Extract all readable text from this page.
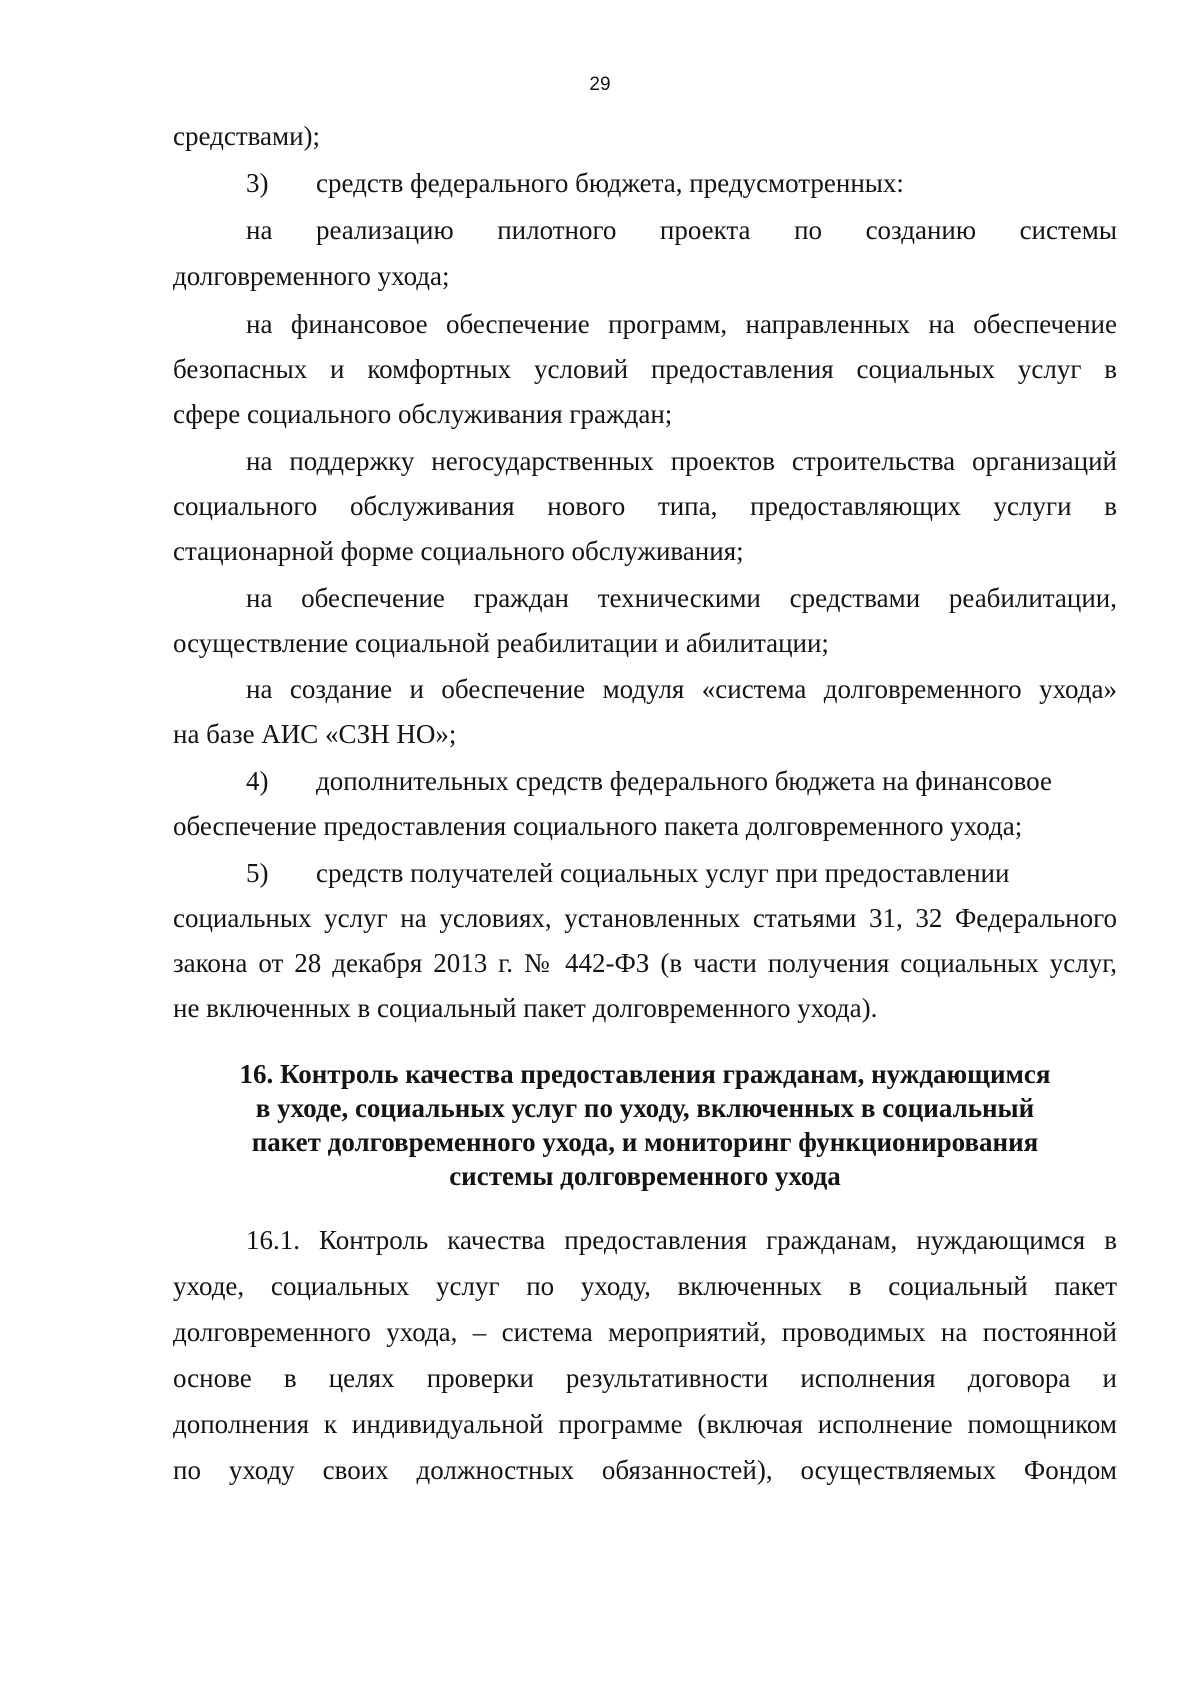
29
средствами);
3) средств федерального бюджета, предусмотренных:
на реализацию пилотного проекта по созданию системы
долговременного ухода;
на финансовое обеспечение программ, направленных на обеспечение
безопасных и комфортных условий предоставления социальных услуг в
сфере социального обслуживания граждан;
на поддержку негосударственных проектов строительства организаций
социального обслуживания нового типа, предоставляющих услуги в
стационарной форме социального обслуживания;
на обеспечение граждан техническими средствами реабилитации,
осуществление социальной реабилитации и абилитации;
на создание и обеспечение модуля «система долговременного ухода»
на базе АИС «СЗН НО»;
4) дополнительных средств федерального бюджета на финансовое
обеспечение предоставления социального пакета долговременного ухода;
5) средств получателей социальных услуг при предоставлении
социальных услуг на условиях, установленных статьями 31, 32 Федерального
закона от 28 декабря 2013 г. № 442-ФЗ (в части получения социальных услуг,
не включенных в социальный пакет долговременного ухода).
16. Контроль качества предоставления гражданам, нуждающимся
в уходе, социальных услуг по уходу, включенных в социальный
пакет долговременного ухода, и мониторинг функционирования
системы долговременного ухода
16.1. Контроль качества предоставления гражданам, нуждающимся в
уходе, социальных услуг по уходу, включенных в социальный пакет
долговременного ухода, – система мероприятий, проводимых на постоянной
основе в целях проверки результативности исполнения договора и
дополнения к индивидуальной программе (включая исполнение помощником
по уходу своих должностных обязанностей), осуществляемых Фондом
